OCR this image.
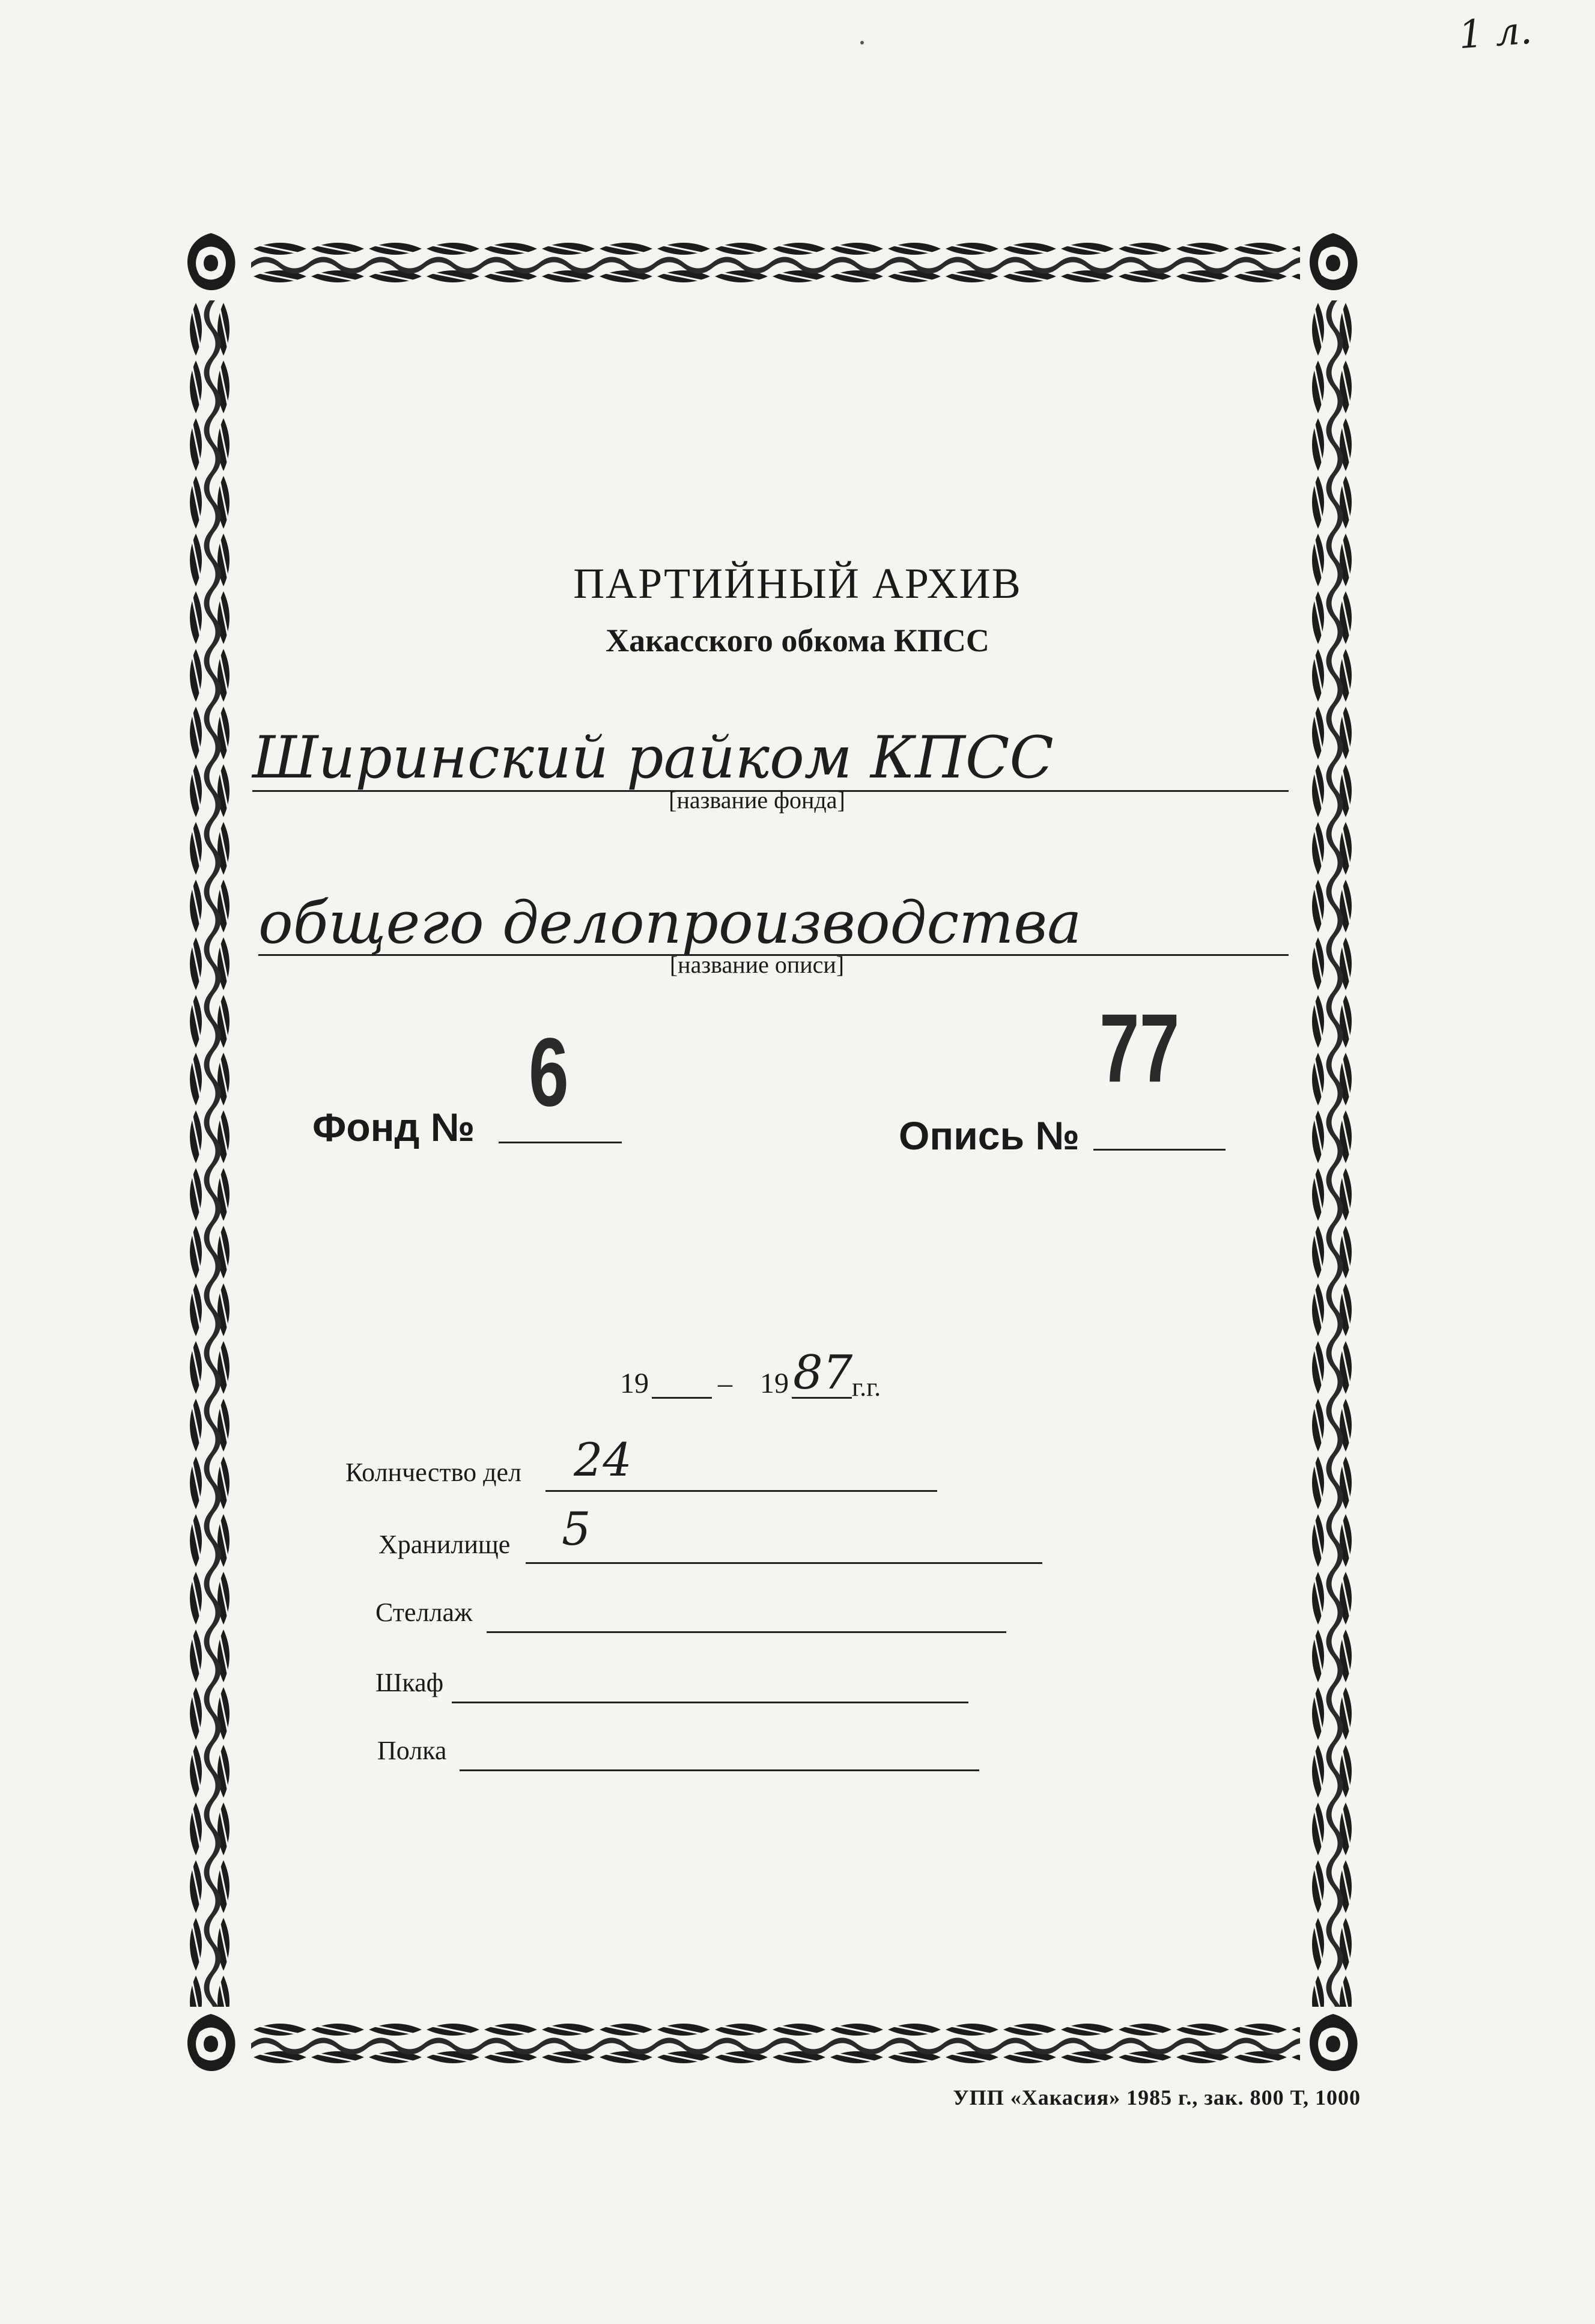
1 л.
ПАРТИЙНЫЙ АРХИВ
Хакасского обкома КПСС
Ширинский райком КПСС
[название фонда]
общего делопроизводства
[название описи]
Фонд №
6
Опись №
77
19 – 19 87
г.г.
Колнчество дел 24
Хранилище 5
Стеллаж
Шкаф
Полка
УПП «Хакасия» 1985 г., зак. 800 Т, 1000
